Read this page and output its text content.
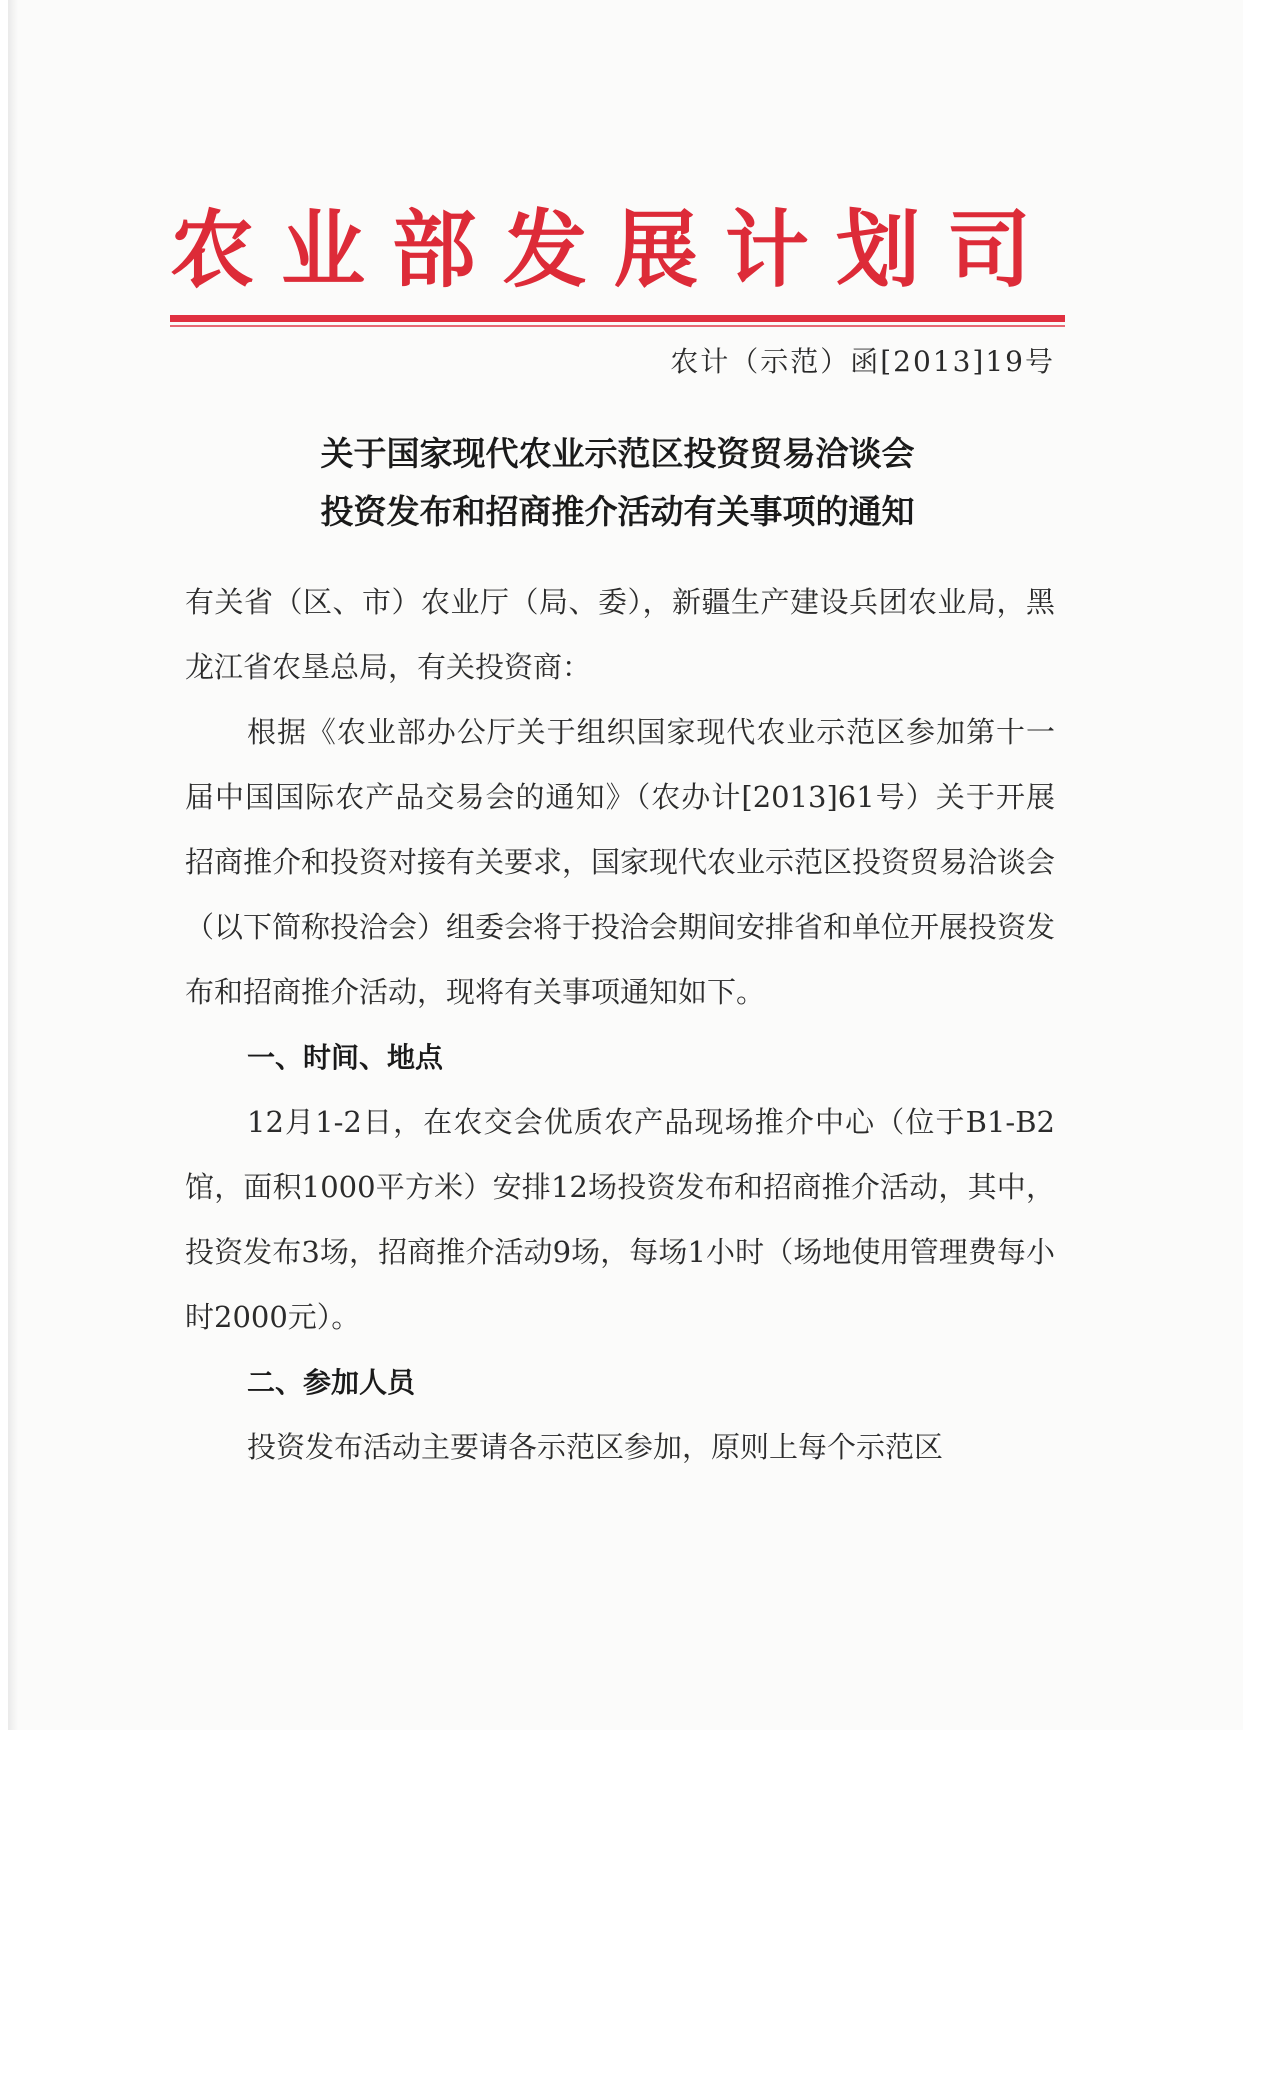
农业部发展计划司
农计（示范）函[2013]19号
关于国家现代农业示范区投资贸易洽谈会
投资发布和招商推介活动有关事项的通知

有关省（区、市）农业厅（局、委），新疆生产建设兵团农业局，黑龙江省农垦总局，有关投资商：

根据《农业部办公厅关于组织国家现代农业示范区参加第十一届中国国际农产品交易会的通知》（农办计[2013]61号）关于开展招商推介和投资对接有关要求，国家现代农业示范区投资贸易洽谈会（以下简称投洽会）组委会将于投洽会期间安排省和单位开展投资发布和招商推介活动，现将有关事项通知如下。

一、时间、地点

12月1-2日，在农交会优质农产品现场推介中心（位于B1-B2馆，面积1000平方米）安排12场投资发布和招商推介活动，其中，投资发布3场，招商推介活动9场，每场1小时（场地使用管理费每小时2000元）。

二、参加人员

投资发布活动主要请各示范区参加，原则上每个示范区
